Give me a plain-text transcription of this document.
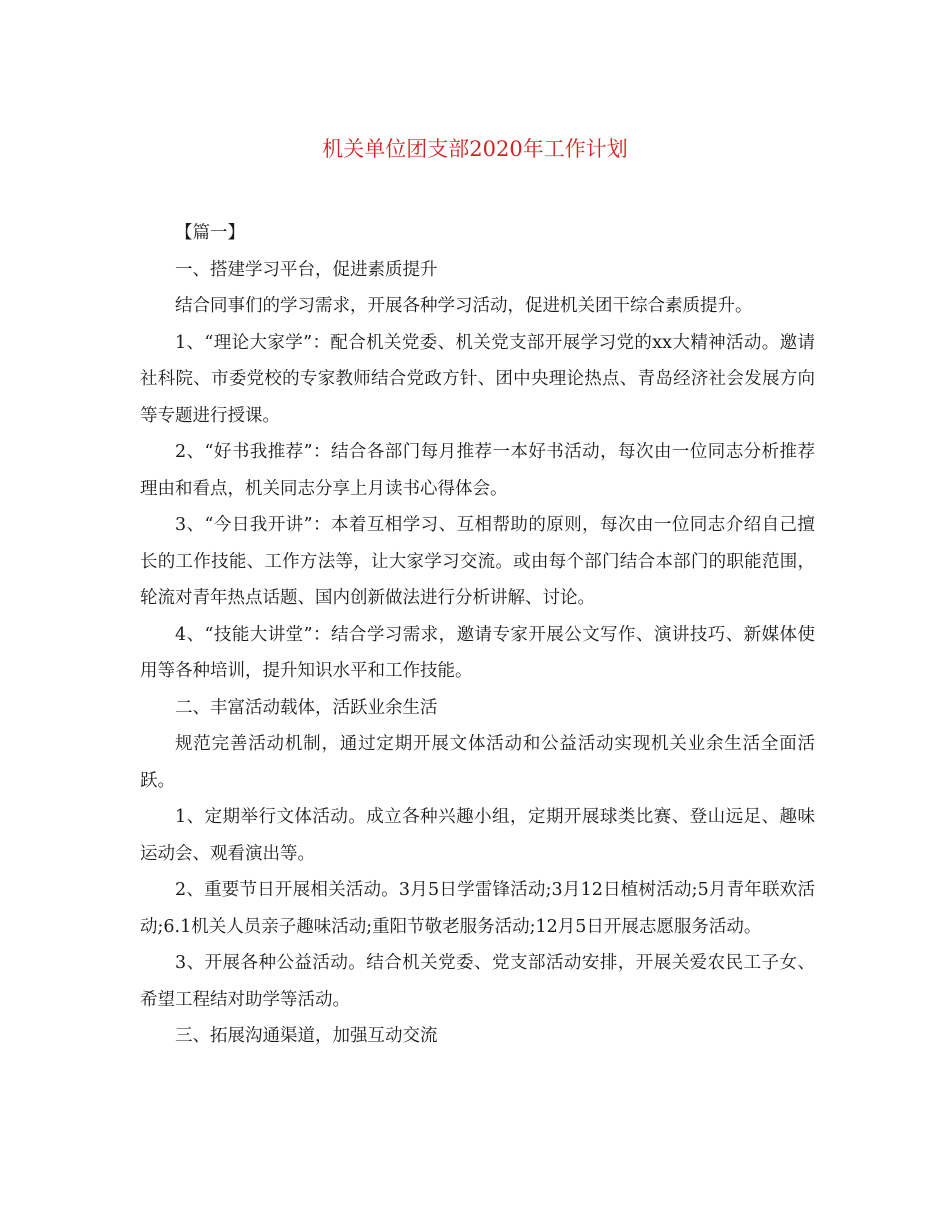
机关单位团支部2020年工作计划

【篇一】

一、搭建学习平台，促进素质提升

结合同事们的学习需求，开展各种学习活动，促进机关团干综合素质提升。

1、“理论大家学”：配合机关党委、机关党支部开展学习党的xx大精神活动。邀请社科院、市委党校的专家教师结合党政方针、团中央理论热点、青岛经济社会发展方向等专题进行授课。

2、“好书我推荐”：结合各部门每月推荐一本好书活动，每次由一位同志分析推荐理由和看点，机关同志分享上月读书心得体会。

3、“今日我开讲”：本着互相学习、互相帮助的原则，每次由一位同志介绍自己擅长的工作技能、工作方法等，让大家学习交流。或由每个部门结合本部门的职能范围，轮流对青年热点话题、国内创新做法进行分析讲解、讨论。

4、“技能大讲堂”：结合学习需求，邀请专家开展公文写作、演讲技巧、新媒体使用等各种培训，提升知识水平和工作技能。

二、丰富活动载体，活跃业余生活

规范完善活动机制，通过定期开展文体活动和公益活动实现机关业余生活全面活跃。

1、定期举行文体活动。成立各种兴趣小组，定期开展球类比赛、登山远足、趣味运动会、观看演出等。

2、重要节日开展相关活动。3月5日学雷锋活动;3月12日植树活动;5月青年联欢活动;6.1机关人员亲子趣味活动;重阳节敬老服务活动;12月5日开展志愿服务活动。

3、开展各种公益活动。结合机关党委、党支部活动安排，开展关爱农民工子女、希望工程结对助学等活动。

三、拓展沟通渠道，加强互动交流
